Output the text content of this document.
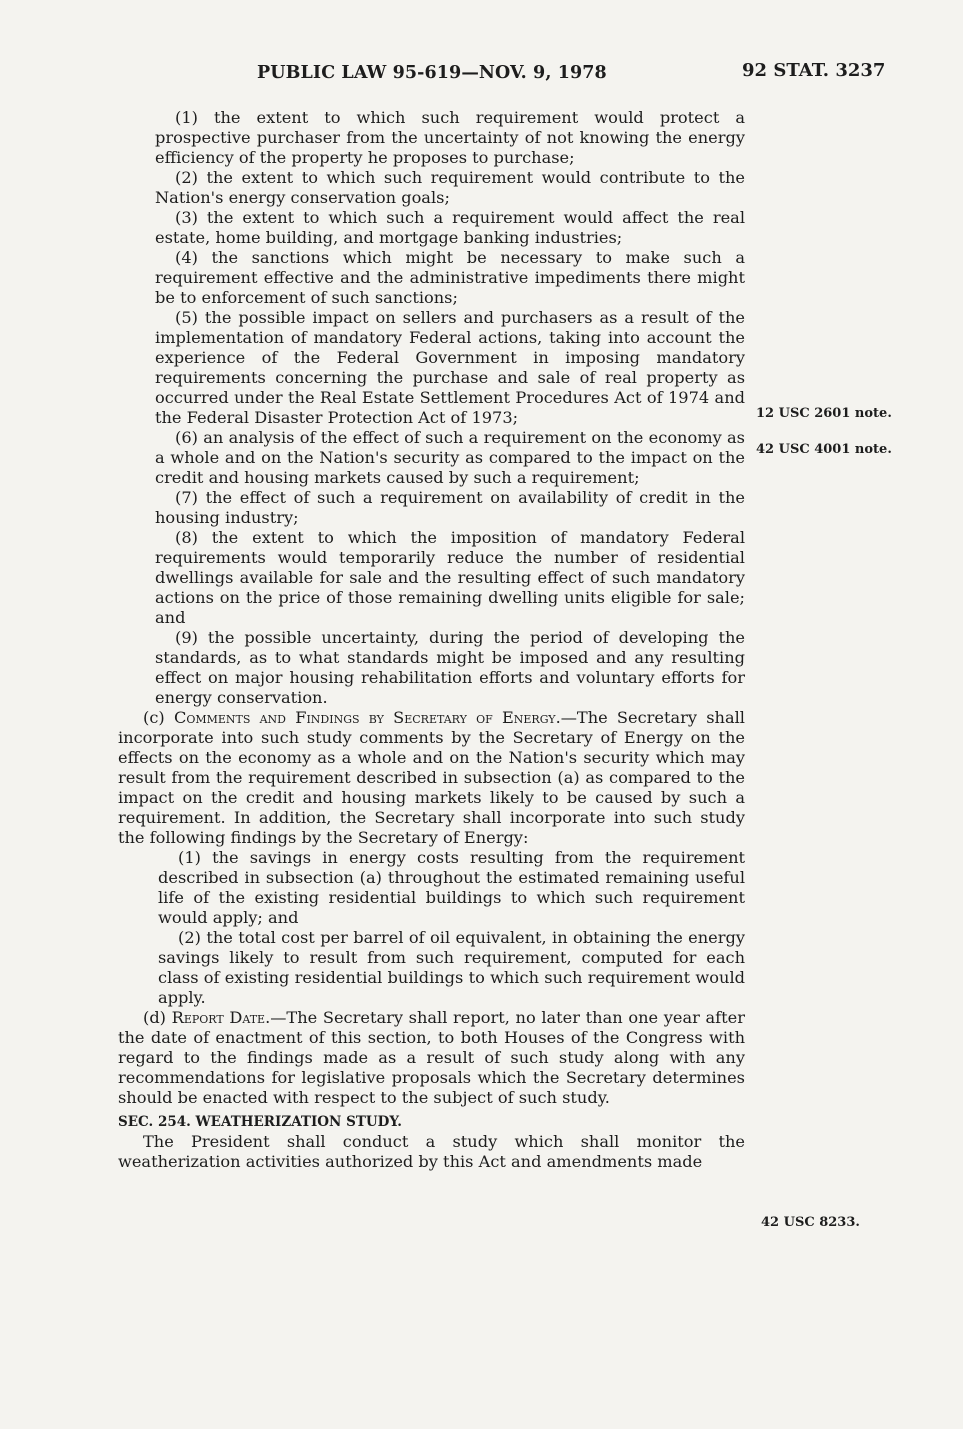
PUBLIC LAW 95-619—NOV. 9, 1978	92 STAT. 3237

(1) the extent to which such requirement would protect a prospective purchaser from the uncertainty of not knowing the energy efficiency of the property he proposes to purchase;

(2) the extent to which such requirement would contribute to the Nation's energy conservation goals;

(3) the extent to which such a requirement would affect the real estate, home building, and mortgage banking industries;

(4) the sanctions which might be necessary to make such a requirement effective and the administrative impediments there might be to enforcement of such sanctions;

(5) the possible impact on sellers and purchasers as a result of the implementation of mandatory Federal actions, taking into account the experience of the Federal Government in imposing mandatory requirements concerning the purchase and sale of real property as occurred under the Real Estate Settlement Procedures Act of 1974 and the Federal Disaster Protection Act of 1973;

(6) an analysis of the effect of such a requirement on the economy as a whole and on the Nation's security as compared to the impact on the credit and housing markets caused by such a requirement;

(7) the effect of such a requirement on availability of credit in the housing industry;

(8) the extent to which the imposition of mandatory Federal requirements would temporarily reduce the number of residential dwellings available for sale and the resulting effect of such mandatory actions on the price of those remaining dwelling units eligible for sale; and

(9) the possible uncertainty, during the period of developing the standards, as to what standards might be imposed and any resulting effect on major housing rehabilitation efforts and voluntary efforts for energy conservation.

(c) Comments and Findings by Secretary of Energy.—The Secretary shall incorporate into such study comments by the Secretary of Energy on the effects on the economy as a whole and on the Nation's security which may result from the requirement described in subsection (a) as compared to the impact on the credit and housing markets likely to be caused by such a requirement. In addition, the Secretary shall incorporate into such study the following findings by the Secretary of Energy:

(1) the savings in energy costs resulting from the requirement described in subsection (a) throughout the estimated remaining useful life of the existing residential buildings to which such requirement would apply; and

(2) the total cost per barrel of oil equivalent, in obtaining the energy savings likely to result from such requirement, computed for each class of existing residential buildings to which such requirement would apply.

(d) Report Date.—The Secretary shall report, no later than one year after the date of enactment of this section, to both Houses of the Congress with regard to the findings made as a result of such study along with any recommendations for legislative proposals which the Secretary determines should be enacted with respect to the subject of such study.

SEC. 254. WEATHERIZATION STUDY.

The President shall conduct a study which shall monitor the weatherization activities authorized by this Act and amendments made

12 USC 2601 note.
42 USC 4001 note.
42 USC 8233.
